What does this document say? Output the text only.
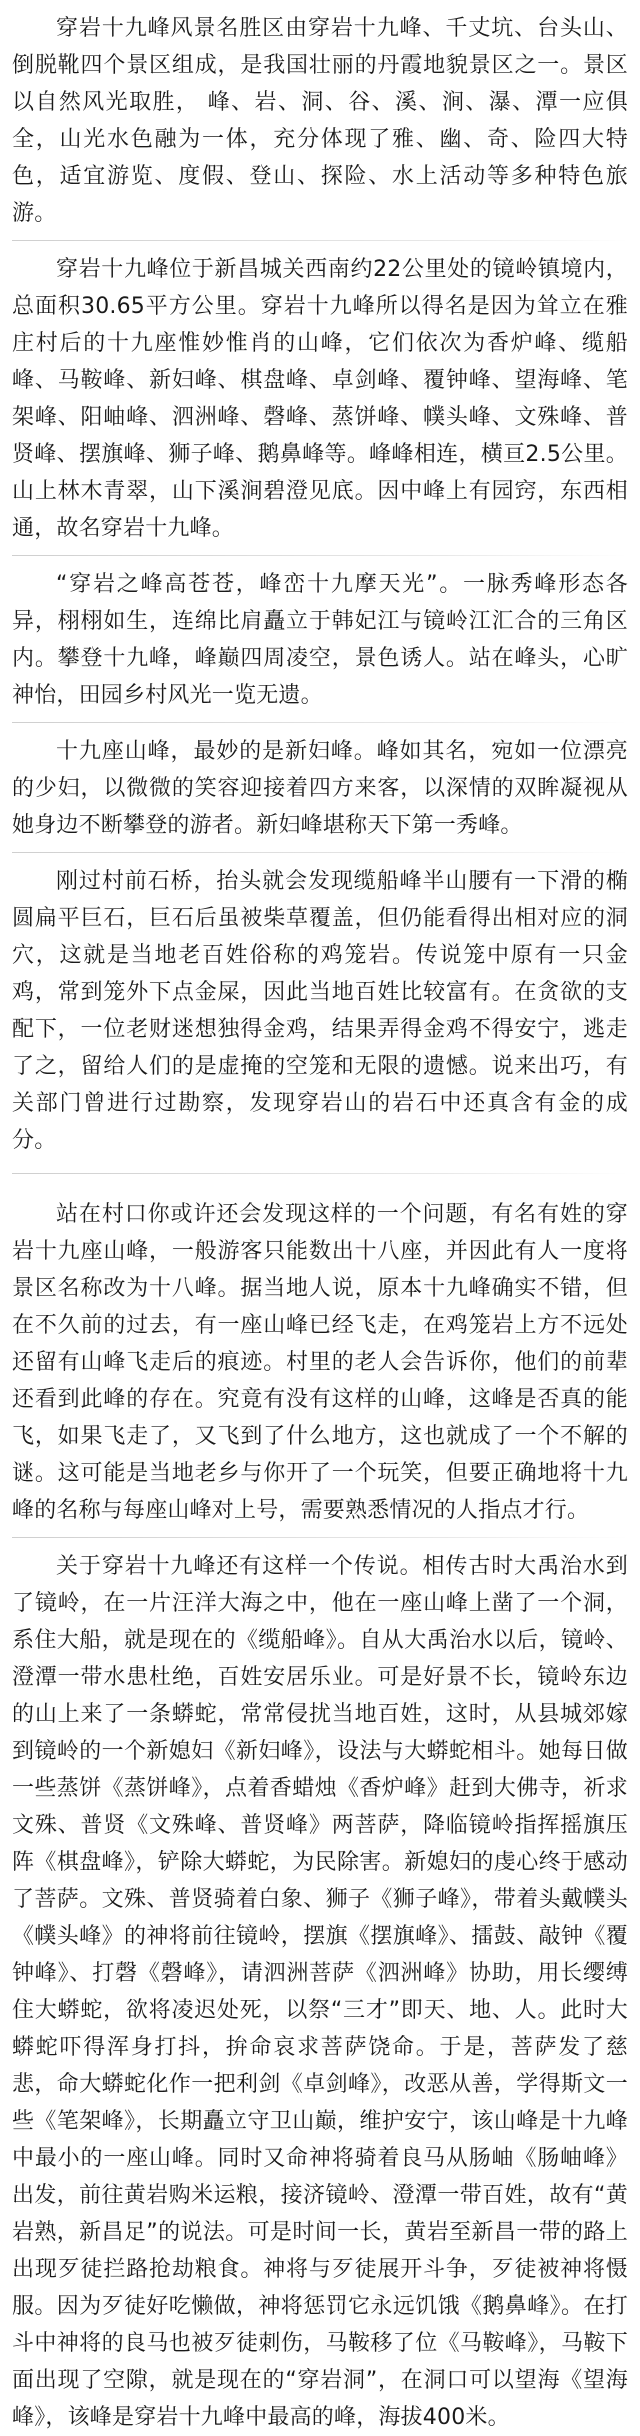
穿岩十九峰风景名胜区由穿岩十九峰、千丈坑、台头山、倒脱靴四个景区组成，是我国壮丽的丹霞地貌景区之一。景区以自然风光取胜， 峰、岩、洞、谷、溪、涧、瀑、潭一应俱全，山光水色融为一体，充分体现了雅、幽、奇、险四大特色，适宜游览、度假、登山、探险、水上活动等多种特色旅游。

穿岩十九峰位于新昌城关西南约22公里处的镜岭镇境内，总面积30.65平方公里。穿岩十九峰所以得名是因为耸立在雅庄村后的十九座惟妙惟肖的山峰，它们依次为香炉峰、缆船峰、马鞍峰、新妇峰、棋盘峰、卓剑峰、覆钟峰、望海峰、笔架峰、阳岫峰、泗洲峰、磬峰、蒸饼峰、幞头峰、文殊峰、普贤峰、摆旗峰、狮子峰、鹅鼻峰等。峰峰相连，横亘2.5公里。山上林木青翠，山下溪涧碧澄见底。因中峰上有园窍，东西相通，故名穿岩十九峰。

“穿岩之峰高苍苍，峰峦十九摩天光”。一脉秀峰形态各异，栩栩如生，连绵比肩矗立于韩妃江与镜岭江汇合的三角区内。攀登十九峰，峰巅四周凌空，景色诱人。站在峰头，心旷神怡，田园乡村风光一览无遗。

十九座山峰，最妙的是新妇峰。峰如其名，宛如一位漂亮的少妇，以微微的笑容迎接着四方来客，以深情的双眸凝视从她身边不断攀登的游者。新妇峰堪称天下第一秀峰。

刚过村前石桥，抬头就会发现缆船峰半山腰有一下滑的椭圆扁平巨石，巨石后虽被柴草覆盖，但仍能看得出相对应的洞穴，这就是当地老百姓俗称的鸡笼岩。传说笼中原有一只金鸡，常到笼外下点金屎，因此当地百姓比较富有。在贪欲的支配下，一位老财迷想独得金鸡，结果弄得金鸡不得安宁，逃走了之，留给人们的是虚掩的空笼和无限的遗憾。说来出巧，有关部门曾进行过勘察，发现穿岩山的岩石中还真含有金的成分。

站在村口你或许还会发现这样的一个问题，有名有姓的穿岩十九座山峰，一般游客只能数出十八座，并因此有人一度将景区名称改为十八峰。据当地人说，原本十九峰确实不错，但在不久前的过去，有一座山峰已经飞走，在鸡笼岩上方不远处还留有山峰飞走后的痕迹。村里的老人会告诉你，他们的前辈还看到此峰的存在。究竟有没有这样的山峰，这峰是否真的能飞，如果飞走了，又飞到了什么地方，这也就成了一个不解的谜。这可能是当地老乡与你开了一个玩笑，但要正确地将十九峰的名称与每座山峰对上号，需要熟悉情况的人指点才行。

关于穿岩十九峰还有这样一个传说。相传古时大禹治水到了镜岭，在一片汪洋大海之中，他在一座山峰上凿了一个洞，系住大船，就是现在的《缆船峰》。自从大禹治水以后，镜岭、澄潭一带水患杜绝，百姓安居乐业。可是好景不长，镜岭东边的山上来了一条蟒蛇，常常侵扰当地百姓，这时，从县城郊嫁到镜岭的一个新媳妇《新妇峰》，设法与大蟒蛇相斗。她每日做一些蒸饼《蒸饼峰》，点着香蜡烛《香炉峰》赶到大佛寺，祈求文殊、普贤《文殊峰、普贤峰》两菩萨，降临镜岭指挥摇旗压阵《棋盘峰》，铲除大蟒蛇，为民除害。新媳妇的虔心终于感动了菩萨。文殊、普贤骑着白象、狮子《狮子峰》，带着头戴幞头《幞头峰》的神将前往镜岭，摆旗《摆旗峰》、擂鼓、敲钟《覆钟峰》、打磬《磬峰》，请泗洲菩萨《泗洲峰》协助，用长缨缚住大蟒蛇，欲将凌迟处死，以祭“三才”即天、地、人。此时大蟒蛇吓得浑身打抖，拚命哀求菩萨饶命。于是，菩萨发了慈悲，命大蟒蛇化作一把利剑《卓剑峰》，改恶从善，学得斯文一些《笔架峰》，长期矗立守卫山巅，维护安宁，该山峰是十九峰中最小的一座山峰。同时又命神将骑着良马从肠岫《肠岫峰》出发，前往黄岩购米运粮，接济镜岭、澄潭一带百姓，故有“黄岩熟，新昌足”的说法。可是时间一长，黄岩至新昌一带的路上出现歹徒拦路抢劫粮食。神将与歹徒展开斗争，歹徒被神将慑服。因为歹徒好吃懒做，神将惩罚它永远饥饿《鹅鼻峰》。在打斗中神将的良马也被歹徒刺伤，马鞍移了位《马鞍峰》，马鞍下面出现了空隙，就是现在的“穿岩洞”，在洞口可以望海《望海峰》，该峰是穿岩十九峰中最高的峰，海拔400米。
